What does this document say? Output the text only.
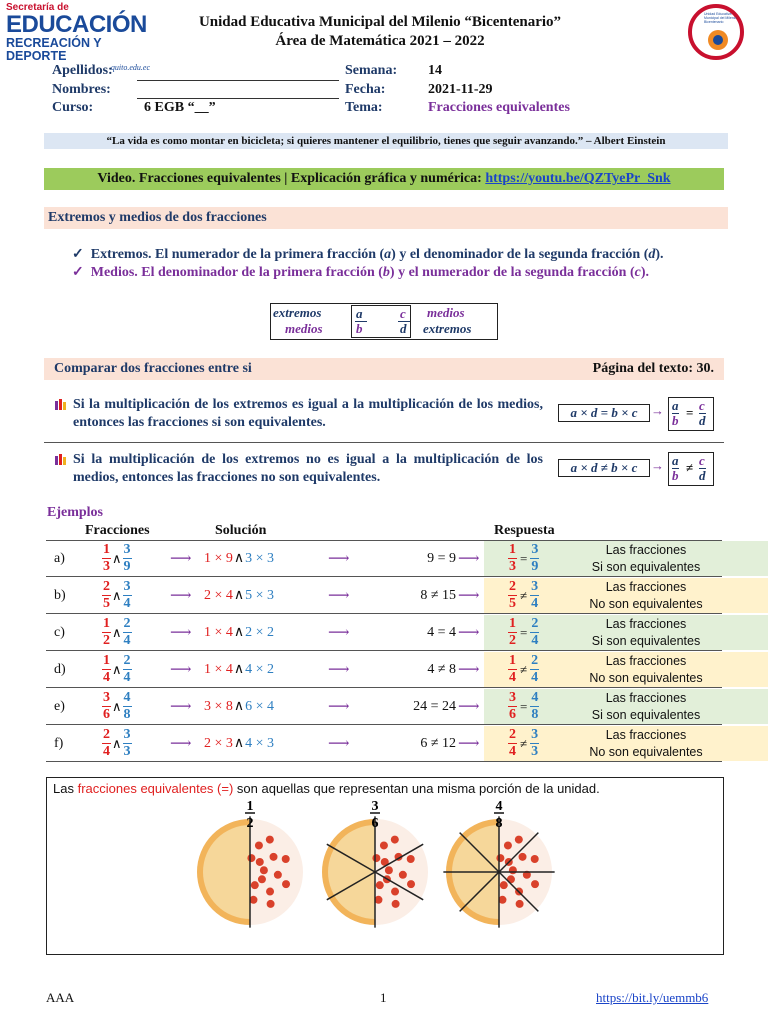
Secretaría de
EDUCACIÓN
RECREACIÓN Y DEPORTE
quito.edu.ec
Unidad Educativa Municipal del Milenio “Bicentenario”
Área de Matemática 2021 – 2022
Unidad Educativa Municipal del Milenio Bicentenario
Apellidos:
Nombres:
Curso:	6 EGB “__”
Semana: 14
Fecha:	2021-11-29
Tema:	Fracciones equivalentes
“La vida es como montar en bicicleta; si quieres mantener el equilibrio, tienes que seguir avanzando.” – Albert Einstein
Video. Fracciones equivalentes | Explicación gráfica y numérica: https://youtu.be/QZTyePr_Snk
Extremos y medios de dos fracciones
✓ Extremos. El numerador de la primera fracción (a) y el denominador de la segunda fracción (d).
✓ Medios. El denominador de la primera fracción (b) y el numerador de la segunda fracción (c).
extremos
medios
a
b
c
d
medios
extremos
Comparar dos fracciones entre si	Página del texto: 30.
Si la multiplicación de los extremos es igual a la multiplicación de los medios, entonces las fracciones si son equivalentes.
a × d = b × c	→ a
b
= c
d
Si la multiplicación de los extremos no es igual a la multiplicación de los medios, entonces las fracciones no son equivalentes.
a × d ≠ b × c	→ a
b
≠ c
d
Ejemplos
Fracciones	Solución	Respuesta
a)	$\frac{1}{3}$ ∧ $\frac{3}{9}$	⟶ 1 × 9 ∧ 3 × 3	⟶	9 = 9 ⟶ $\frac{1}{3} = \frac{3}{9}$	Las fracciones
Si son equivalentes
b)	$\frac{2}{5}$ ∧ $\frac{3}{4}$	⟶ 2 × 4 ∧ 5 × 3	⟶	8 ≠ 15 ⟶ $\frac{2}{5} \ne \frac{3}{4}$	Las fracciones
No son equivalentes
c)	$\frac{1}{2}$ ∧ $\frac{2}{4}$	⟶ 1 × 4 ∧ 2 × 2	⟶	4 = 4 ⟶ $\frac{1}{2} = \frac{2}{4}$	Las fracciones
Si son equivalentes
d)	$\frac{1}{4}$ ∧ $\frac{2}{4}$	⟶ 1 × 4 ∧ 4 × 2	⟶	4 ≠ 8 ⟶ $\frac{1}{4} \ne \frac{2}{4}$	Las fracciones
No son equivalentes
e)	$\frac{3}{6}$ ∧ $\frac{4}{8}$	⟶ 3 × 8 ∧ 6 × 4	⟶	24 = 24 ⟶ $\frac{3}{6} = \frac{4}{8}$	Las fracciones
Si son equivalentes
f)	$\frac{2}{4}$ ∧ $\frac{3}{3}$	⟶ 2 × 3 ∧ 4 × 3	⟶	6 ≠ 12 ⟶ $\frac{2}{4} \ne \frac{3}{3}$	Las fracciones
No son equivalentes
Las fracciones equivalentes (=) son aquellas que representan una misma porción de la unidad.
1
2
3
6
4
8
AAA	1	https://bit.ly/uemmb6
